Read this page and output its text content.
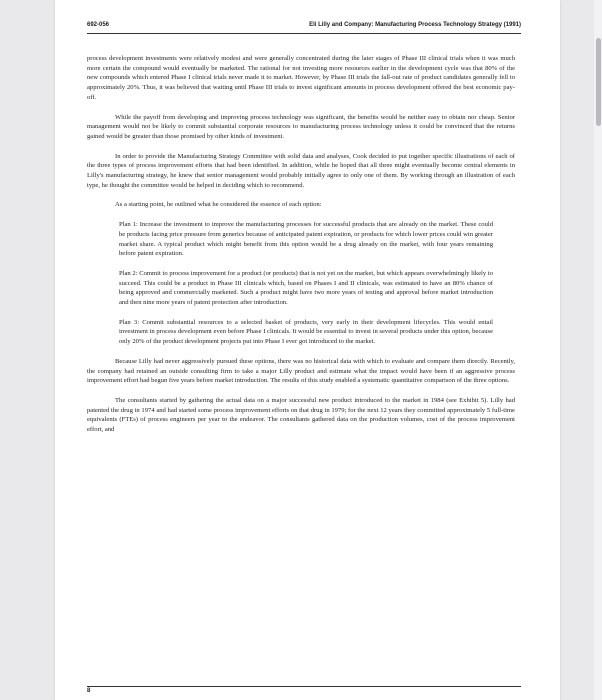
692-056	Eli Lilly and Company: Manufacturing Process Technology Strategy (1991)

process development investments were relatively modest and were generally concentrated during the later stages of Phase III clinical trials when it was much more certain the compound would eventually be marketed. The rational for not investing more resources earlier in the development cycle was that 80% of the new compounds which entered Phase I clinical trials never made it to market. However, by Phase III trials the fall-out rate of product candidates generally fell to approximately 20%. Thus, it was believed that waiting until Phase III trials to invest significant amounts in process development offered the best economic pay-off.

While the payoff from developing and improving process technology was significant, the benefits would be neither easy to obtain nor cheap. Senior management would not be likely to commit substantial corporate resources to manufacturing process technology unless it could be convinced that the returns gained would be greater than those promised by other kinds of investment.

In order to provide the Manufacturing Strategy Committee with solid data and analyses, Cook decided to put together specific illustrations of each of the three types of process improvement efforts that had been identified. In addition, while he hoped that all three might eventually become central elements in Lilly's manufacturing strategy, he knew that senior management would probably initially agree to only one of them. By working through an illustration of each type, he thought the committee would be helped in deciding which to recommend.

As a starting point, he outlined what he considered the essence of each option:

Plan 1: Increase the investment to improve the manufacturing processes for successful products that are already on the market. These could be products facing price pressure from generics because of anticipated patent expiration, or products for which lower prices could win greater market share. A typical product which might benefit from this option would be a drug already on the market, with four years remaining before patent expiration.

Plan 2: Commit to process improvement for a product (or products) that is not yet on the market, but which appears overwhelmingly likely to succeed. This could be a product in Phase III clinicals which, based on Phases I and II clinicals, was estimated to have an 80% chance of being approved and commercially marketed. Such a product might have two more years of testing and approval before market introduction and then nine more years of patent protection after introduction.

Plan 3: Commit substantial resources to a selected basket of products, very early in their development lifecycles. This would entail investment in process development even before Phase I clinicals. It would be essential to invest in several products under this option, because only 20% of the product development projects put into Phase I ever got introduced to the market.

Because Lilly had never aggressively pursued these options, there was no historical data with which to evaluate and compare them directly. Recently, the company had retained an outside consulting firm to take a major Lilly product and estimate what the impact would have been if an aggressive process improvement effort had begun five years before market introduction. The results of this study enabled a systematic quantitative comparison of the three options.

The consultants started by gathering the actual data on a major successful new product introduced to the market in 1984 (see Exhibit 5). Lilly had patented the drug in 1974 and had started some process improvement efforts on that drug in 1979; for the next 12 years they committed approximately 5 full-time equivalents (FTEs) of process engineers per year to the endeavor. The consultants gathered data on the production volumes, cost of the process improvement effort, and

8
